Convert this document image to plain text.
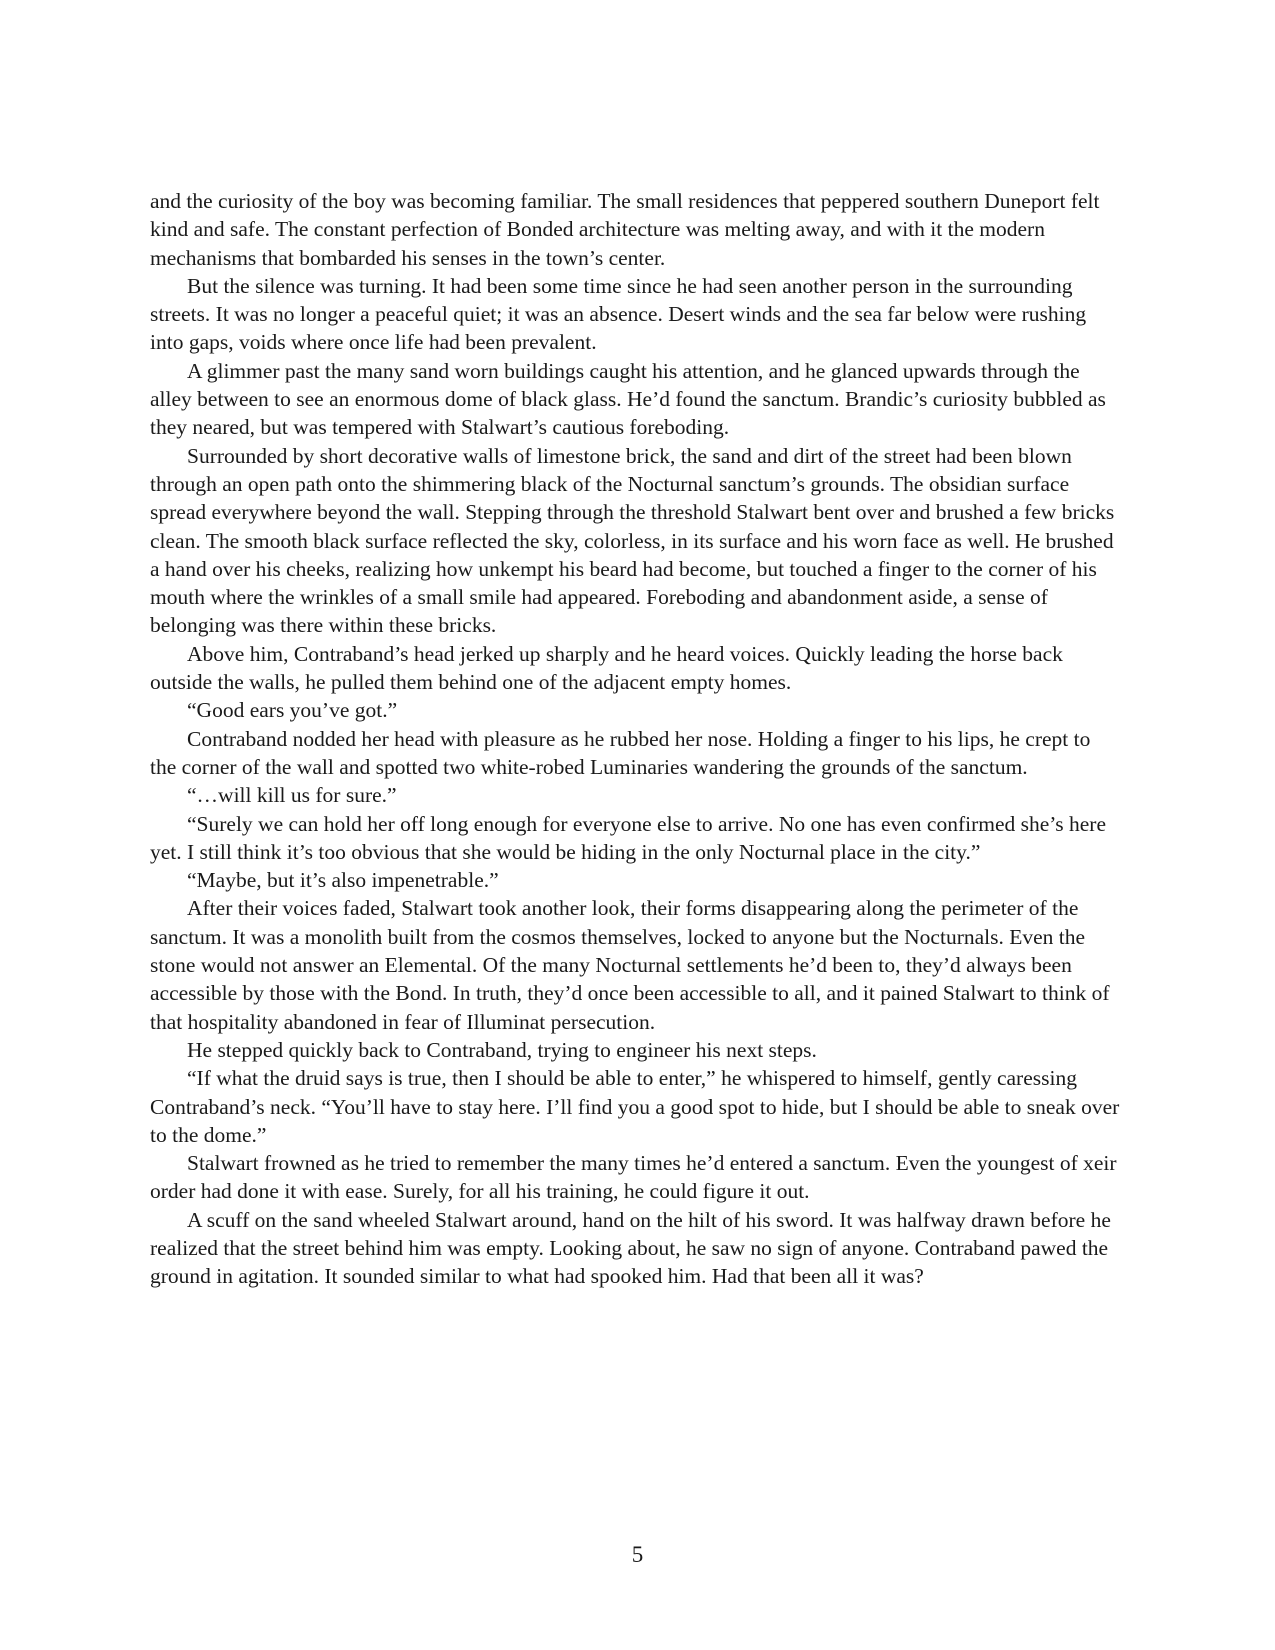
and the curiosity of the boy was becoming familiar. The small residences that peppered southern Duneport felt kind and safe. The constant perfection of Bonded architecture was melting away, and with it the modern mechanisms that bombarded his senses in the town’s center.

But the silence was turning. It had been some time since he had seen another person in the surrounding streets. It was no longer a peaceful quiet; it was an absence. Desert winds and the sea far below were rushing into gaps, voids where once life had been prevalent.

A glimmer past the many sand worn buildings caught his attention, and he glanced upwards through the alley between to see an enormous dome of black glass. He’d found the sanctum. Brandic’s curiosity bubbled as they neared, but was tempered with Stalwart’s cautious foreboding.

Surrounded by short decorative walls of limestone brick, the sand and dirt of the street had been blown through an open path onto the shimmering black of the Nocturnal sanctum’s grounds. The obsidian surface spread everywhere beyond the wall. Stepping through the threshold Stalwart bent over and brushed a few bricks clean. The smooth black surface reflected the sky, colorless, in its surface and his worn face as well. He brushed a hand over his cheeks, realizing how unkempt his beard had become, but touched a finger to the corner of his mouth where the wrinkles of a small smile had appeared. Foreboding and abandonment aside, a sense of belonging was there within these bricks.

Above him, Contraband’s head jerked up sharply and he heard voices. Quickly leading the horse back outside the walls, he pulled them behind one of the adjacent empty homes.

“Good ears you’ve got.”

Contraband nodded her head with pleasure as he rubbed her nose. Holding a finger to his lips, he crept to the corner of the wall and spotted two white-robed Luminaries wandering the grounds of the sanctum.

“…will kill us for sure.”

“Surely we can hold her off long enough for everyone else to arrive. No one has even confirmed she’s here yet. I still think it’s too obvious that she would be hiding in the only Nocturnal place in the city.”

“Maybe, but it’s also impenetrable.”

After their voices faded, Stalwart took another look, their forms disappearing along the perimeter of the sanctum. It was a monolith built from the cosmos themselves, locked to anyone but the Nocturnals. Even the stone would not answer an Elemental. Of the many Nocturnal settlements he’d been to, they’d always been accessible by those with the Bond. In truth, they’d once been accessible to all, and it pained Stalwart to think of that hospitality abandoned in fear of Illuminat persecution.

He stepped quickly back to Contraband, trying to engineer his next steps.

“If what the druid says is true, then I should be able to enter,” he whispered to himself, gently caressing Contraband’s neck. “You’ll have to stay here. I’ll find you a good spot to hide, but I should be able to sneak over to the dome.”

Stalwart frowned as he tried to remember the many times he’d entered a sanctum. Even the youngest of xeir order had done it with ease. Surely, for all his training, he could figure it out.

A scuff on the sand wheeled Stalwart around, hand on the hilt of his sword. It was halfway drawn before he realized that the street behind him was empty. Looking about, he saw no sign of anyone. Contraband pawed the ground in agitation. It sounded similar to what had spooked him. Had that been all it was?

5
